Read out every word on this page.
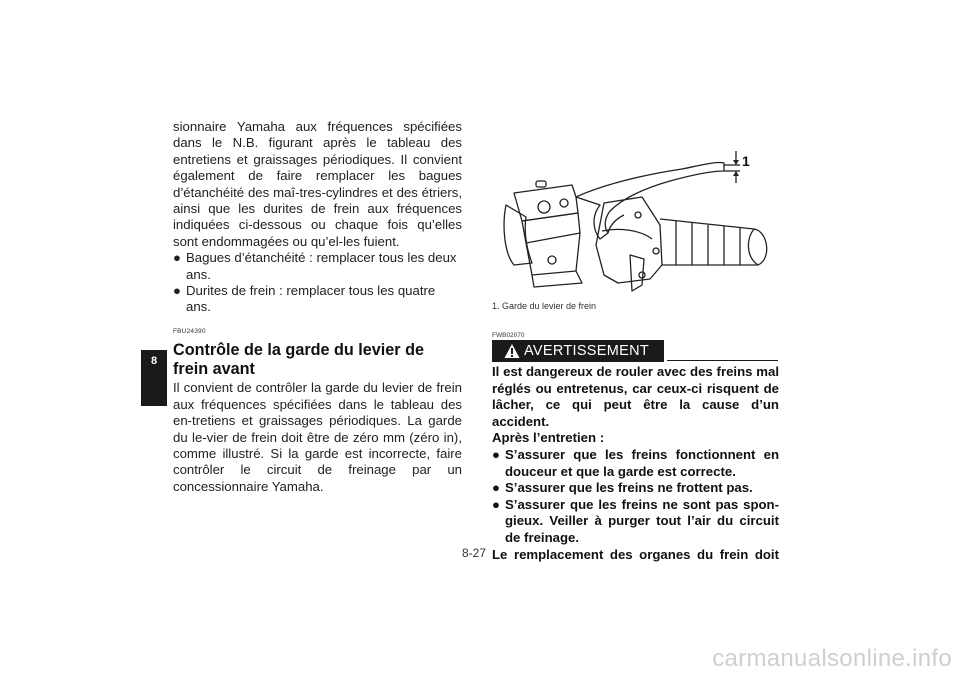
8

sionnaire Yamaha aux fréquences spécifiées dans le N.B. figurant après le tableau des entretiens et graissages périodiques. Il convient également de faire remplacer les bagues d’étanchéité des maî-tres-cylindres et des étriers, ainsi que les durites de frein aux fréquences indiquées ci-dessous ou chaque fois qu’elles sont endommagées ou qu’el-les fuient.

● Bagues d’étanchéité : remplacer tous les deux ans.
● Durites de frein : remplacer tous les quatre ans.
FBU24390
Contrôle de la garde du levier de frein avant

Il convient de contrôler la garde du levier de frein aux fréquences spécifiées dans le tableau des en-tretiens et graissages périodiques. La garde du le-vier de frein doit être de zéro mm (zéro in), comme illustré. Si la garde est incorrecte, faire contrôler le circuit de freinage par un concessionnaire Yamaha.

1
1. Garde du levier de frein
FWB02070
AVERTISSEMENT

Il est dangereux de rouler avec des freins mal réglés ou entretenus, car ceux-ci risquent de lâcher, ce qui peut être la cause d’un accident.

Après l’entretien :

● S’assurer que les freins fonctionnent en douceur et que la garde est correcte.
● S’assurer que les freins ne frottent pas.
● S’assurer que les freins ne sont pas spon-gieux. Veiller à purger tout l’air du circuit de freinage.

Le remplacement des organes du frein doit

8-27
carmanualsonline.info
